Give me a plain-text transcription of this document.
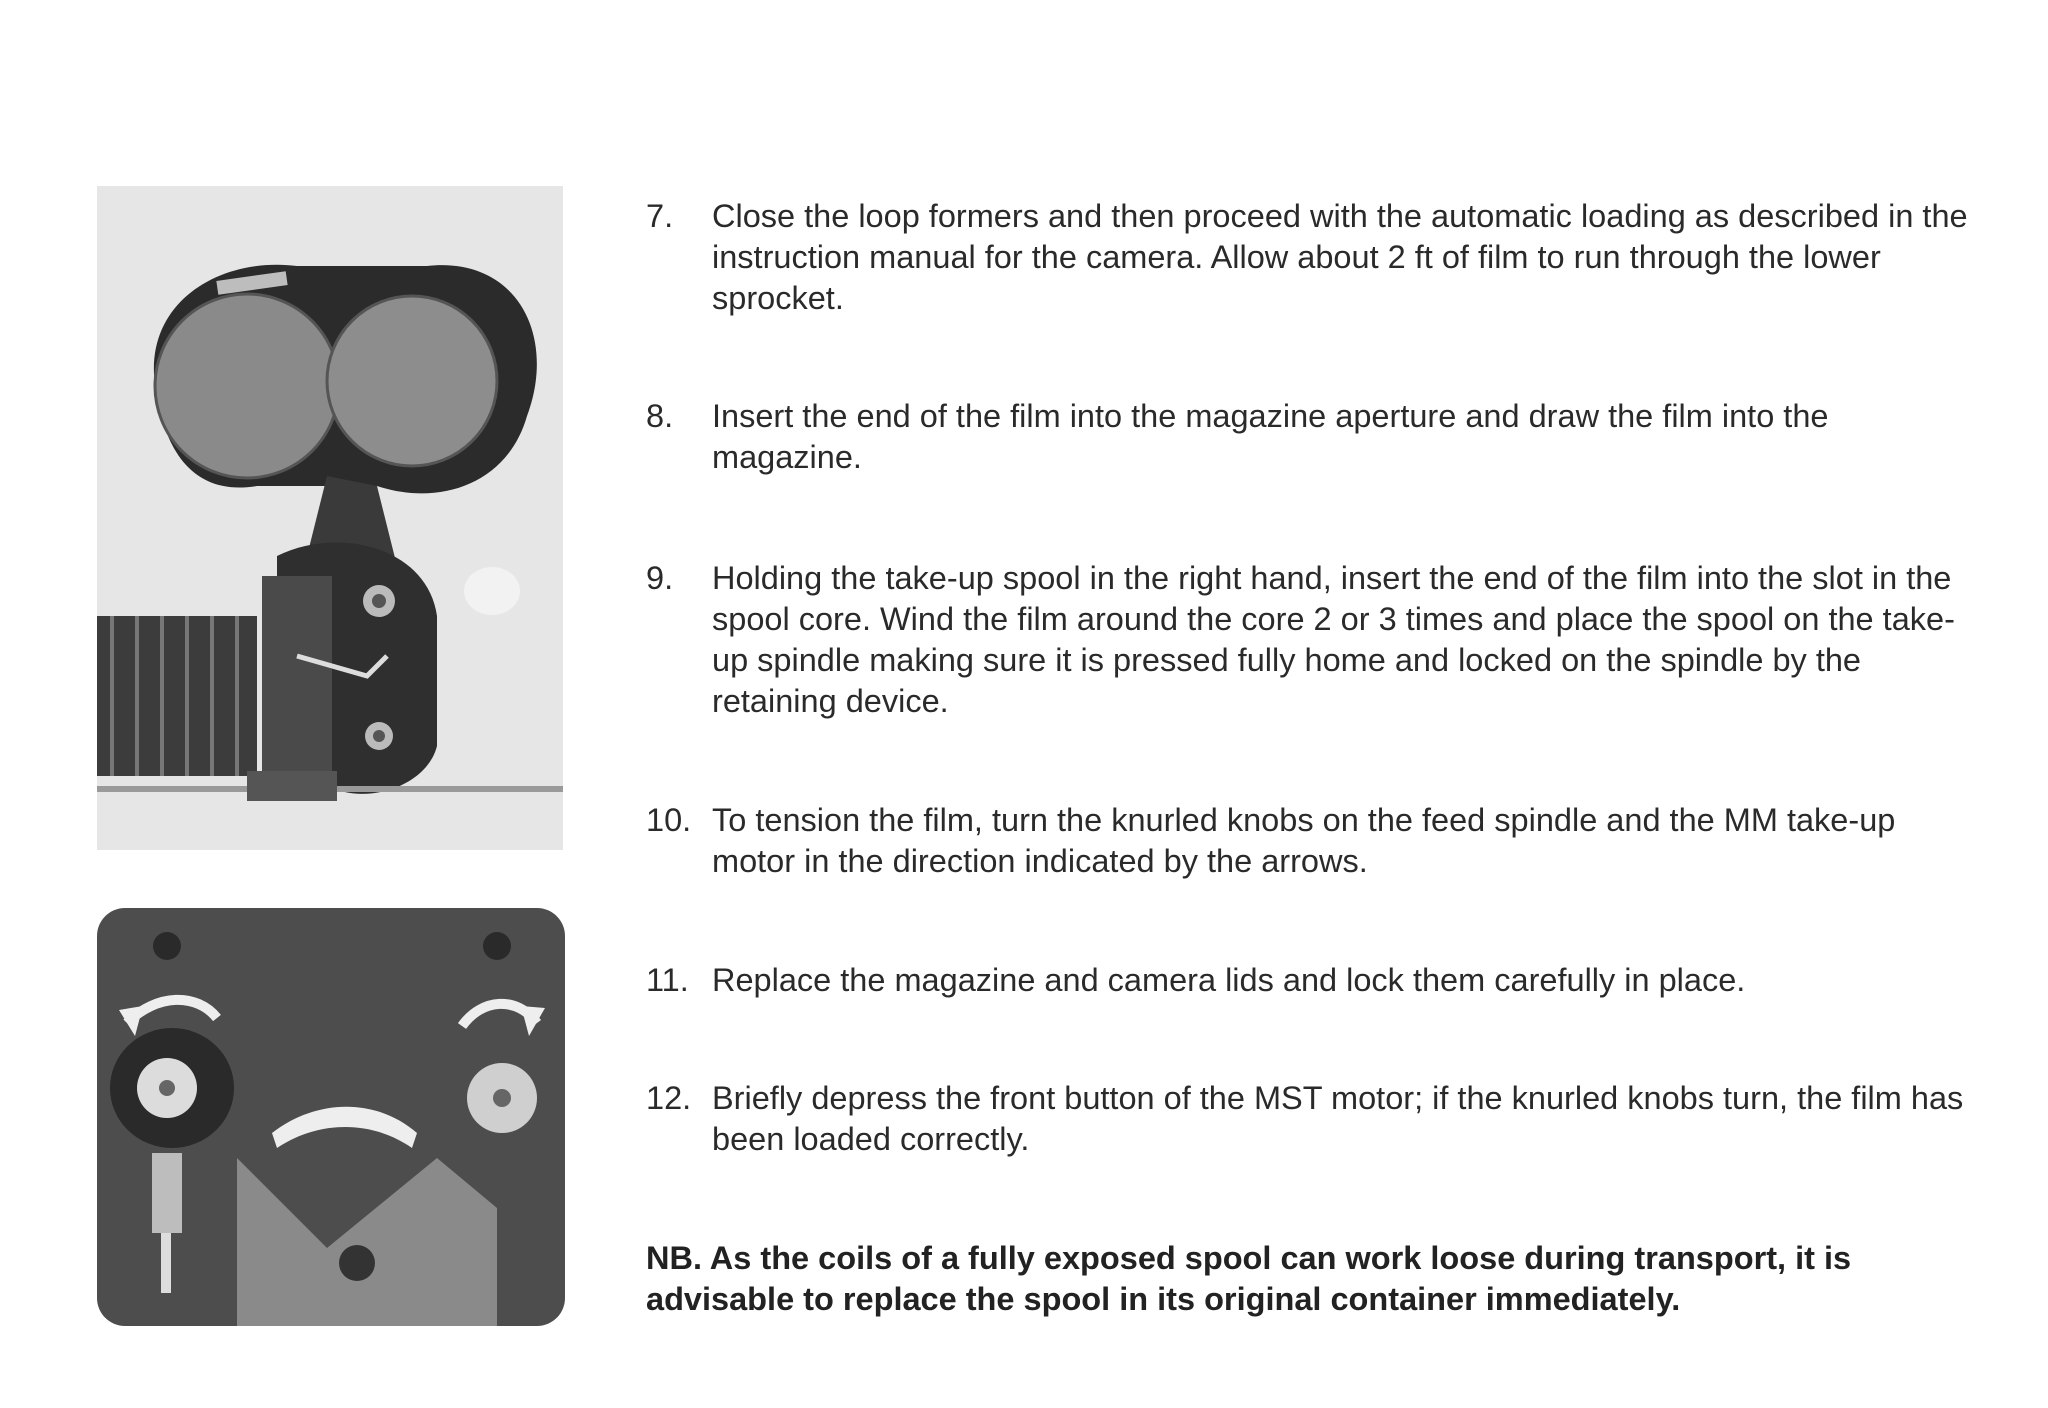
7.	Close the loop formers and then proceed with the automatic loading as described in the instruction manual for the camera. Allow about 2 ft of film to run through the lower sprocket.
8.	Insert the end of the film into the magazine aperture and draw the film into the magazine.
9.	Holding the take-up spool in the right hand, insert the end of the film into the slot in the spool core. Wind the film around the core 2 or 3 times and place the spool on the take-up spindle making sure it is pressed fully home and locked on the spindle by the retaining device.
10. To tension the film, turn the knurled knobs on the feed spindle and the MM take-up motor in the direction indicated by the arrows.
11. Replace the magazine and camera lids and lock them carefully in place.
12. Briefly depress the front button of the MST motor; if the knurled knobs turn, the film has been loaded correctly.

NB. As the coils of a fully exposed spool can work loose during transport, it is advisable to replace the spool in its original container immediately.
